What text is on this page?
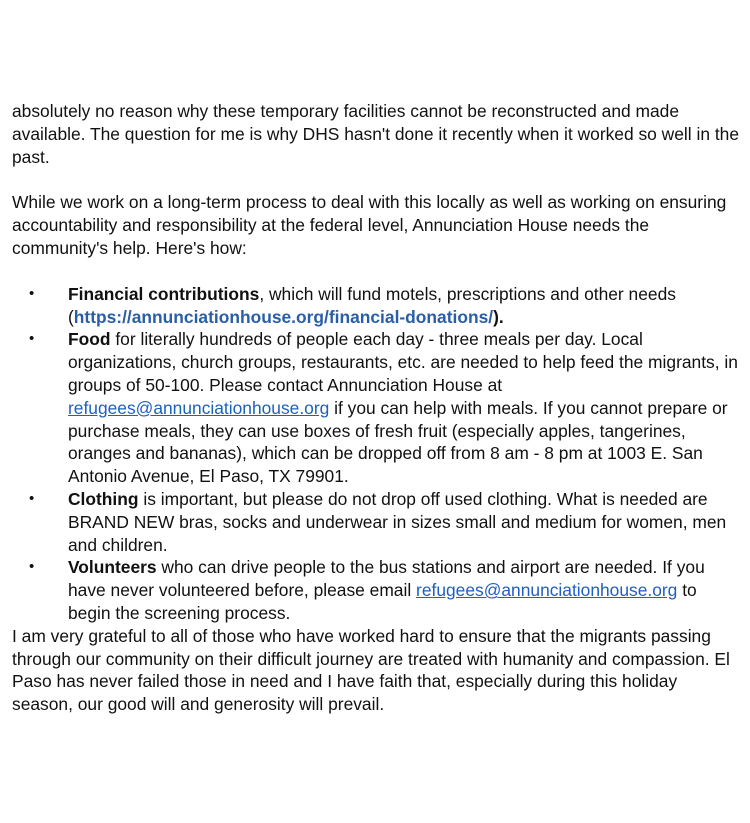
absolutely no reason why these temporary facilities cannot be reconstructed and made available. The question for me is why DHS hasn't done it recently when it worked so well in the past.

While we work on a long-term process to deal with this locally as well as working on ensuring accountability and responsibility at the federal level, Annunciation House needs the community's help. Here's how:

• Financial contributions, which will fund motels, prescriptions and other needs (https://annunciationhouse.org/financial-donations/).
• Food for literally hundreds of people each day - three meals per day. Local organizations, church groups, restaurants, etc. are needed to help feed the migrants, in groups of 50-100. Please contact Annunciation House at refugees@annunciationhouse.org if you can help with meals. If you cannot prepare or purchase meals, they can use boxes of fresh fruit (especially apples, tangerines, oranges and bananas), which can be dropped off from 8 am - 8 pm at 1003 E. San Antonio Avenue, El Paso, TX 79901.
• Clothing is important, but please do not drop off used clothing. What is needed are BRAND NEW bras, socks and underwear in sizes small and medium for women, men and children.
• Volunteers who can drive people to the bus stations and airport are needed. If you have never volunteered before, please email refugees@annunciationhouse.org to begin the screening process.

I am very grateful to all of those who have worked hard to ensure that the migrants passing through our community on their difficult journey are treated with humanity and compassion. El Paso has never failed those in need and I have faith that, especially during this holiday season, our good will and generosity will prevail.
